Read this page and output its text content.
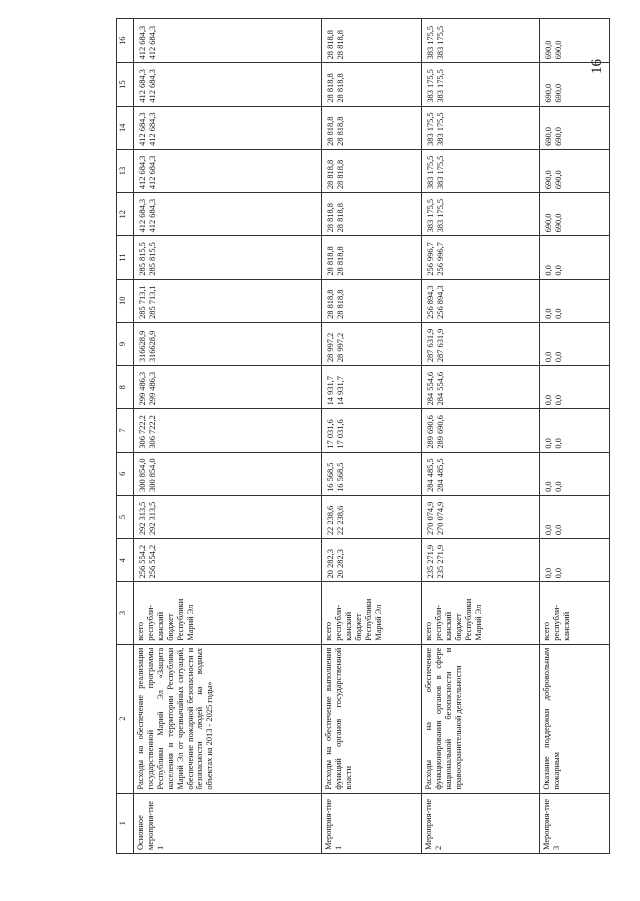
16
1	2	3	4	5	6	7	8	9	10	11	12	13	14	15	16
Основное мероприя-тие 1	Расходы на обеспечение реализации государственной программы Республики Марий Эл «Защита населения и территории Республики Марий Эл от чрезвычайных ситуаций, обеспечение пожарной безопасности и безопасности людей на водных объектах на 2013 - 2025 годы»	всего республи-канский бюджет Республики Марий Эл	256 554,2 256 554,2	292 313,5 292 313,5	300 854,0 300 854,0	306 722,2 306 722,2	299 486,3 299 486,3	316628,9 316628,9	285 713,1 285 713,1	285 815,5 285 815,5	412 684,3 412 684,3	412 684,3 412 684,3	412 684,3 412 684,3	412 684,3 412 684,3	412 684,3 412 684,3

Мероприя-тие 1	Расходы на обеспечение выполнения функций органов государственной власти	всего республи-канский бюджет Республики Марий Эл	20 282,3 20 282,3	22 238,6 22 238,6	16 568,5 16 568,5	17 031,6 17 031,6	14 931,7 14 931,7	28 997,2 28 997,2	28 818,8 28 818,8	28 818,8 28 818,8	28 818,8 28 818,8	28 818,8 28 818,8	28 818,8 28 818,8	28 818,8 28 818,8	28 818,8 28 818,8

Мероприя-тие 2	Расходы на обеспечение функционирования органов в сфере национальной безопасности и правоохранительной деятельности	всего республи-канский бюджет Республики Марий Эл	235 271,9 235 271,9	270 074,9 270 074,9	284 485,5 284 485,5	289 690,6 289 690,6	284 554,6 284 554,6	287 631,9 287 631,9	256 894,3 256 894,3	256 996,7 256 996,7	383 175,5 383 175,5	383 175,5 383 175,5	383 175,5 383 175,5	383 175,5 383 175,5	383 175,5 383 175,5

Мероприя-тие 3	Оказание поддержки добровольным пожарным	всего республи-канский	0,0 0,0	0,0 0,0	0,0 0,0	0,0 0,0	0,0 0,0	0,0 0,0	0,0 0,0	0,0 0,0	690,0 690,0	690,0 690,0	690,0 690,0	690,0 690,0	690,0 690,0
